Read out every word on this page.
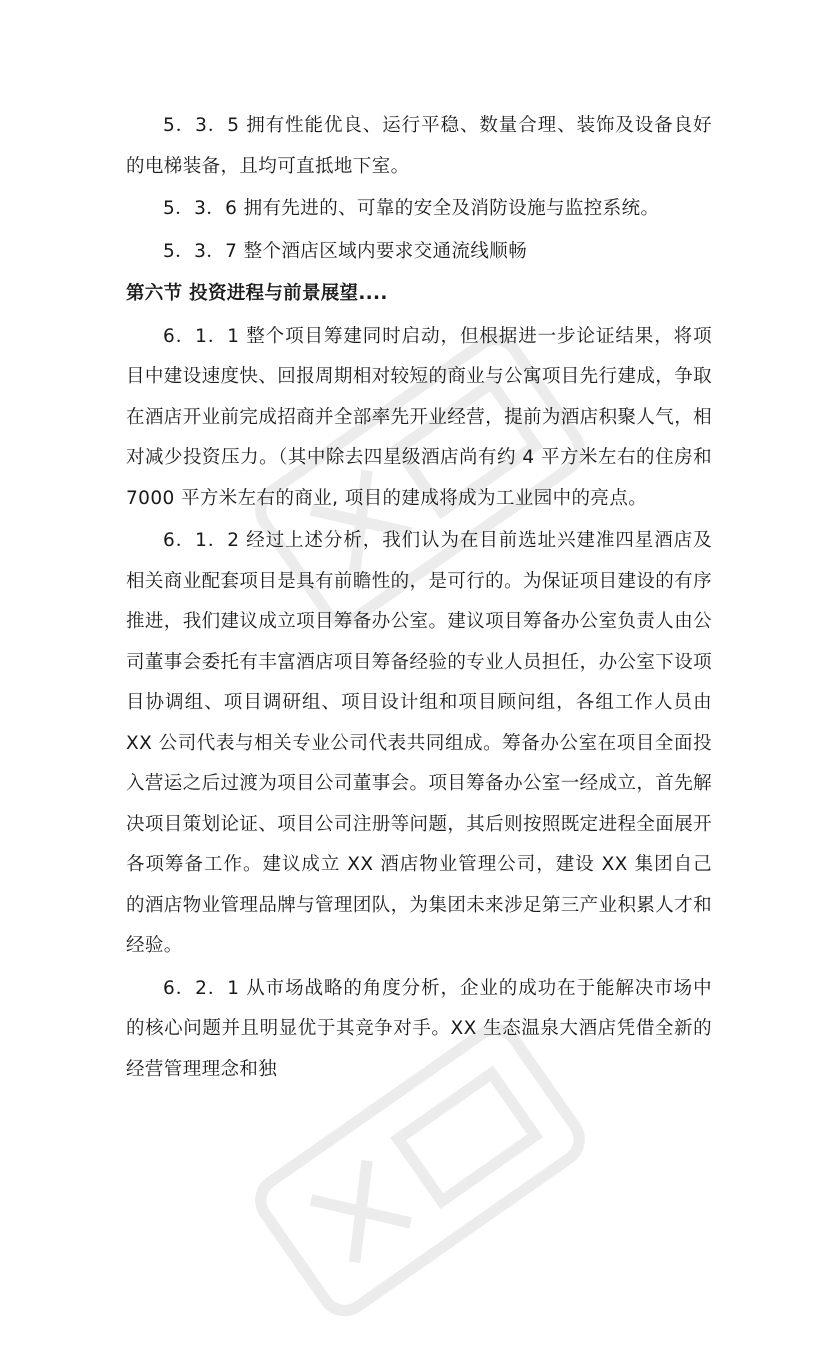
5．3．5 拥有性能优良、运行平稳、数量合理、装饰及设备良好的电梯装备，且均可直抵地下室。

5．3．6 拥有先进的、可靠的安全及消防设施与监控系统。

5．3．7 整个酒店区域内要求交通流线顺畅

第六节 投资进程与前景展望....

6．1．1 整个项目筹建同时启动，但根据进一步论证结果，将项目中建设速度快、回报周期相对较短的商业与公寓项目先行建成，争取在酒店开业前完成招商并全部率先开业经营，提前为酒店积聚人气，相对减少投资压力。（其中除去四星级酒店尚有约 4 平方米左右的住房和 7000 平方米左右的商业, 项目的建成将成为工业园中的亮点。

6．1．2 经过上述分析，我们认为在目前选址兴建准四星酒店及相关商业配套项目是具有前瞻性的，是可行的。为保证项目建设的有序推进，我们建议成立项目筹备办公室。建议项目筹备办公室负责人由公司董事会委托有丰富酒店项目筹备经验的专业人员担任，办公室下设项目协调组、项目调研组、项目设计组和项目顾问组，各组工作人员由 XX 公司代表与相关专业公司代表共同组成。筹备办公室在项目全面投入营运之后过渡为项目公司董事会。项目筹备办公室一经成立，首先解决项目策划论证、项目公司注册等问题，其后则按照既定进程全面展开各项筹备工作。建议成立 XX 酒店物业管理公司，建设 XX 集团自己的酒店物业管理品牌与管理团队，为集团未来涉足第三产业积累人才和经验。

6．2．1 从市场战略的角度分析，企业的成功在于能解决市场中的核心问题并且明显优于其竞争对手。XX 生态温泉大酒店凭借全新的经营管理理念和独
